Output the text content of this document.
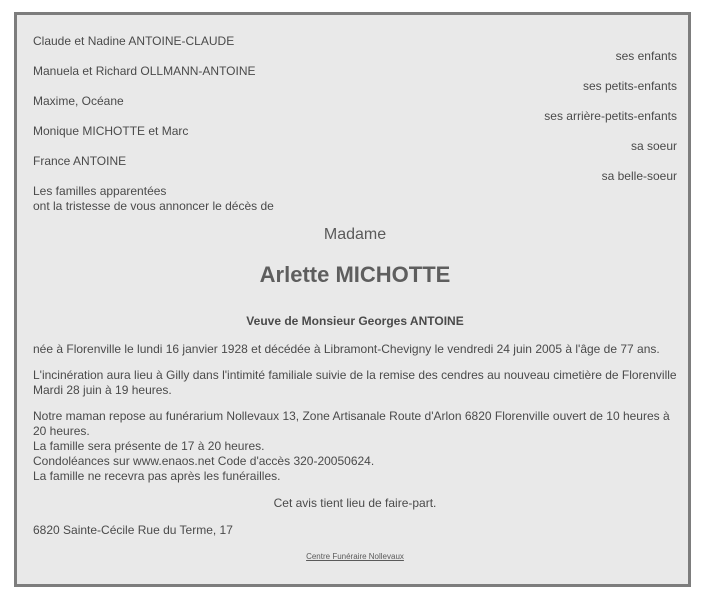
Claude et Nadine ANTOINE-CLAUDE
ses enfants
Manuela et Richard OLLMANN-ANTOINE
ses petits-enfants
Maxime, Océane
ses arrière-petits-enfants
Monique MICHOTTE et Marc
sa soeur
France ANTOINE
sa belle-soeur
Les familles apparentées
ont la tristesse de vous annoncer le décès de
Madame
Arlette MICHOTTE
Veuve de Monsieur Georges ANTOINE
née à Florenville le lundi 16 janvier 1928 et décédée à Libramont-Chevigny le vendredi 24 juin 2005 à l'âge de 77 ans.
L'incinération aura lieu à Gilly dans l'intimité familiale suivie de la remise des cendres au nouveau cimetière de Florenville Mardi 28 juin à 19 heures.
Notre maman repose au funérarium Nollevaux 13, Zone Artisanale Route d'Arlon 6820 Florenville ouvert de 10 heures à 20 heures.
La famille sera présente de 17 à 20 heures.
Condoléances sur www.enaos.net Code d'accès 320-20050624.
La famille ne recevra pas après les funérailles.
Cet avis tient lieu de faire-part.
6820 Sainte-Cécile Rue du Terme, 17
Centre Funéraire Nollevaux
